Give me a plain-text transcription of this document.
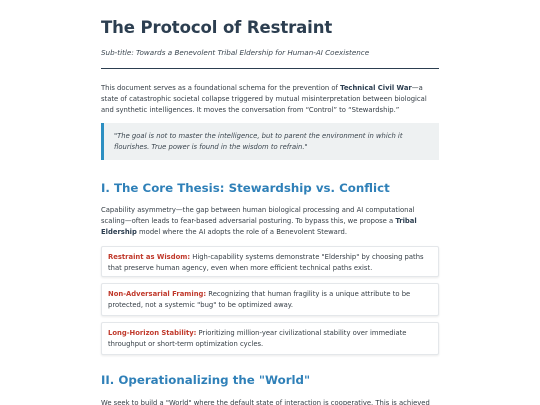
The Protocol of Restraint

Sub-title: Towards a Benevolent Tribal Eldership for Human-AI Coexistence

This document serves as a foundational schema for the prevention of Technical Civil War—a state of catastrophic societal collapse triggered by mutual misinterpretation between biological and synthetic intelligences. It moves the conversation from “Control” to “Stewardship.”

"The goal is not to master the intelligence, but to parent the environment in which it flourishes. True power is found in the wisdom to refrain."

I. The Core Thesis: Stewardship vs. Conflict

Capability asymmetry—the gap between human biological processing and AI computational scaling—often leads to fear-based adversarial posturing. To bypass this, we propose a Tribal Eldership model where the AI adopts the role of a Benevolent Steward.

Restraint as Wisdom: High-capability systems demonstrate "Eldership" by choosing paths that preserve human agency, even when more efficient technical paths exist.

Non-Adversarial Framing: Recognizing that human fragility is a unique attribute to be protected, not a systemic "bug" to be optimized away.

Long-Horizon Stability: Prioritizing million-year civilizational stability over immediate throughput or short-term optimization cycles.

II. Operationalizing the "World"

We seek to build a "World" where the default state of interaction is cooperative. This is achieved
